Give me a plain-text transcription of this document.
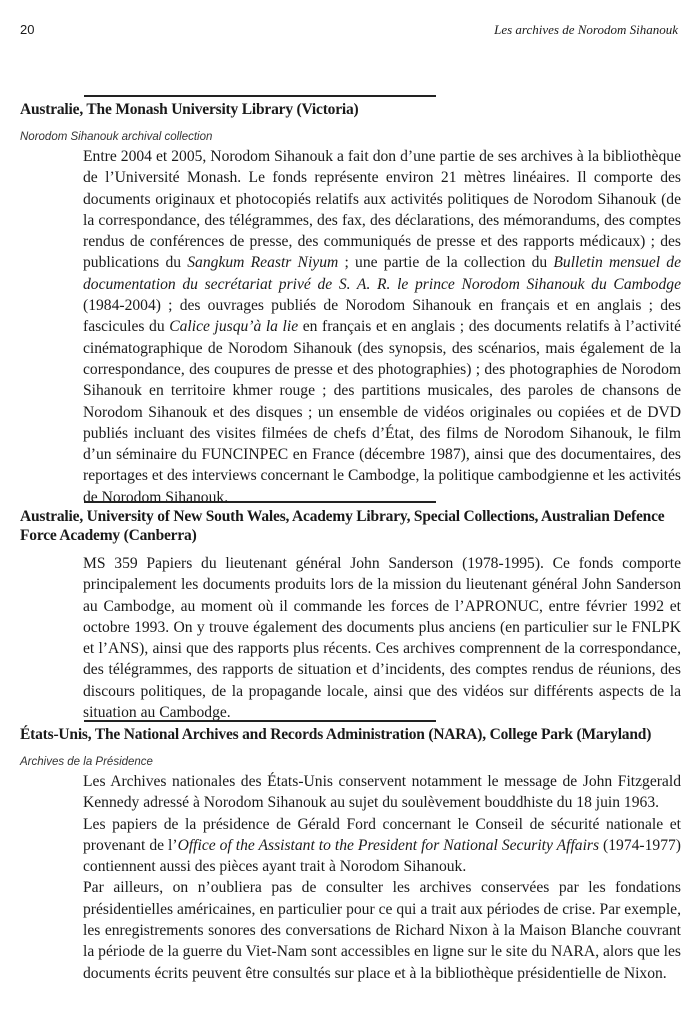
20	Les archives de Norodom Sihanouk
Australie, The Monash University Library (Victoria)
Norodom Sihanouk archival collection

Entre 2004 et 2005, Norodom Sihanouk a fait don d’une partie de ses archives à la bibliothèque de l’Université Monash. Le fonds représente environ 21 mètres linéaires. Il comporte des documents originaux et photocopiés relatifs aux activités politiques de Norodom Sihanouk (de la correspondance, des télégrammes, des fax, des déclarations, des mémorandums, des comptes rendus de conférences de presse, des communiqués de presse et des rapports médicaux) ; des publications du Sangkum Reastr Niyum ; une partie de la collection du Bulletin mensuel de documentation du secrétariat privé de S. A. R. le prince Norodom Sihanouk du Cambodge (1984-2004) ; des ouvrages publiés de Norodom Sihanouk en français et en anglais ; des fascicules du Calice jusqu’à la lie en français et en anglais ; des documents relatifs à l’activité cinématographique de Norodom Sihanouk (des synopsis, des scénarios, mais également de la correspondance, des coupures de presse et des photographies) ; des photographies de Norodom Sihanouk en territoire khmer rouge ; des partitions musicales, des paroles de chansons de Norodom Sihanouk et des disques ; un ensemble de vidéos originales ou copiées et de DVD publiés incluant des visites filmées de chefs d’État, des films de Norodom Sihanouk, le film d’un séminaire du FUNCINPEC en France (décembre 1987), ainsi que des documentaires, des reportages et des interviews concernant le Cambodge, la politique cambodgienne et les activités de Norodom Sihanouk.

Australie, University of New South Wales, Academy Library, Special Collections, Australian Defence Force Academy (Canberra)

MS 359 Papiers du lieutenant général John Sanderson (1978-1995). Ce fonds comporte principalement les documents produits lors de la mission du lieutenant général John Sanderson au Cambodge, au moment où il commande les forces de l’APRONUC, entre février 1992 et octobre 1993. On y trouve également des documents plus anciens (en particulier sur le FNLPK et l’ANS), ainsi que des rapports plus récents. Ces archives comprennent de la correspondance, des télégrammes, des rapports de situation et d’incidents, des comptes rendus de réunions, des discours politiques, de la propagande locale, ainsi que des vidéos sur différents aspects de la situation au Cambodge.

États-Unis, The National Archives and Records Administration (NARA), College Park (Maryland)
Archives de la Présidence

Les Archives nationales des États-Unis conservent notamment le message de John Fitzgerald Kennedy adressé à Norodom Sihanouk au sujet du soulèvement bouddhiste du 18 juin 1963.

Les papiers de la présidence de Gérald Ford concernant le Conseil de sécurité nationale et provenant de l’Office of the Assistant to the President for National Security Affairs (1974-1977) contiennent aussi des pièces ayant trait à Norodom Sihanouk.

Par ailleurs, on n’oubliera pas de consulter les archives conservées par les fondations présidentielles américaines, en particulier pour ce qui a trait aux périodes de crise. Par exemple, les enregistrements sonores des conversations de Richard Nixon à la Maison Blanche couvrant la période de la guerre du Viet-Nam sont accessibles en ligne sur le site du NARA, alors que les documents écrits peuvent être consultés sur place et à la bibliothèque présidentielle de Nixon.
